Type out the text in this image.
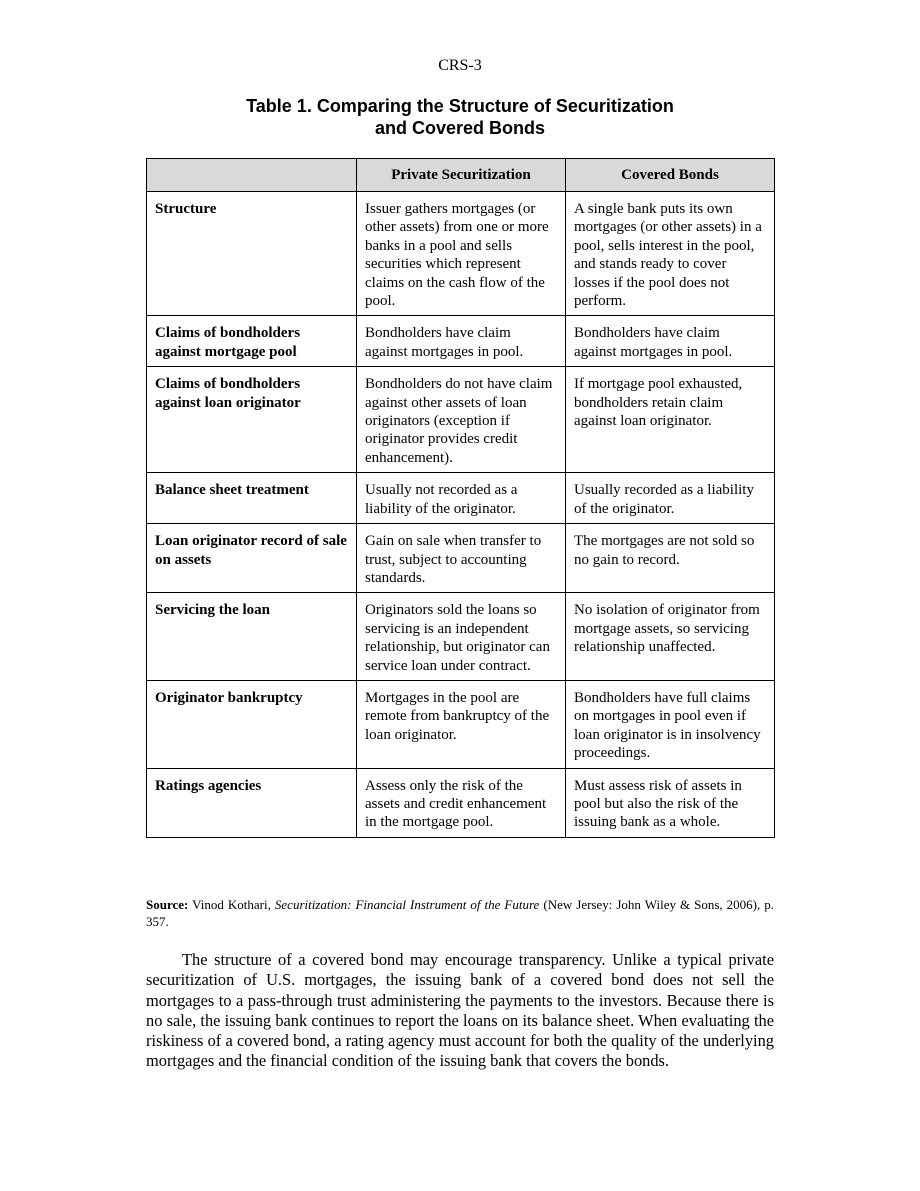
CRS-3
Table 1. Comparing the Structure of Securitization
and Covered Bonds
	Private Securitization	Covered Bonds
Structure	Issuer gathers mortgages (or other assets) from one or more banks in a pool and sells securities which represent claims on the cash flow of the pool.	A single bank puts its own mortgages (or other assets) in a pool, sells interest in the pool, and stands ready to cover losses if the pool does not perform.
Claims of bondholders against mortgage pool	Bondholders have claim against mortgages in pool.	Bondholders have claim against mortgages in pool.
Claims of bondholders against loan originator	Bondholders do not have claim against other assets of loan originators (exception if originator provides credit enhancement).	If mortgage pool exhausted, bondholders retain claim against loan originator.
Balance sheet treatment	Usually not recorded as a liability of the originator.	Usually recorded as a liability of the originator.
Loan originator record of sale on assets	Gain on sale when transfer to trust, subject to accounting standards.	The mortgages are not sold so no gain to record.
Servicing the loan	Originators sold the loans so servicing is an independent relationship, but originator can service loan under contract.	No isolation of originator from mortgage assets, so servicing relationship unaffected.
Originator bankruptcy	Mortgages in the pool are remote from bankruptcy of the loan originator.	Bondholders have full claims on mortgages in pool even if loan originator is in insolvency proceedings.
Ratings agencies	Assess only the risk of the assets and credit enhancement in the mortgage pool.	Must assess risk of assets in pool but also the risk of the issuing bank as a whole.
Source: Vinod Kothari, Securitization: Financial Instrument of the Future (New Jersey: John Wiley & Sons, 2006), p. 357.

The structure of a covered bond may encourage transparency. Unlike a typical private securitization of U.S. mortgages, the issuing bank of a covered bond does not sell the mortgages to a pass-through trust administering the payments to the investors. Because there is no sale, the issuing bank continues to report the loans on its balance sheet. When evaluating the riskiness of a covered bond, a rating agency must account for both the quality of the underlying mortgages and the financial condition of the issuing bank that covers the bonds.
